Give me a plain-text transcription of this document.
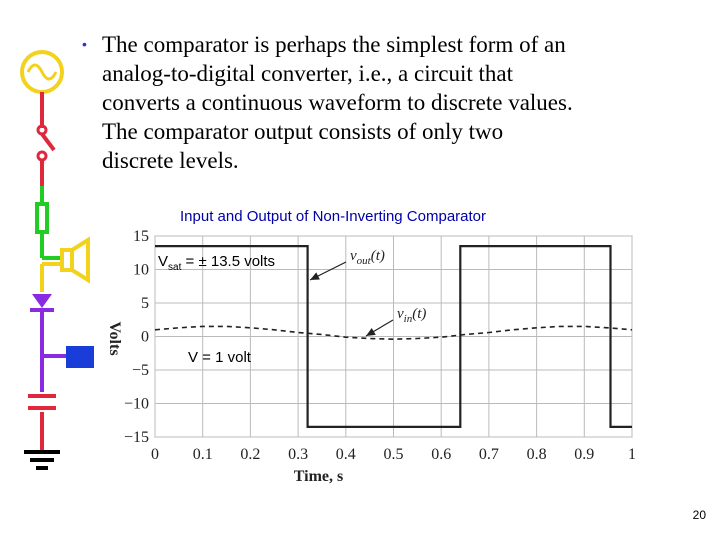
• The comparator is perhaps the simplest form of an
analog-to-digital converter, i.e., a circuit that
converts a continuous waveform to discrete values.
The comparator output consists of only two
discrete levels.
Input and Output of Non-Inverting Comparator
0 0.1 0.2 0.3 0.4 0.5 0.6 0.7 0.8 0.9 1
15
10
5
0
−5
−10
−15
Time, s
Volts
$v_{out}(t)$
$v_{in}(t)$
$V_{sat}$ = ± 13.5 volts
V = 1 volt
20
